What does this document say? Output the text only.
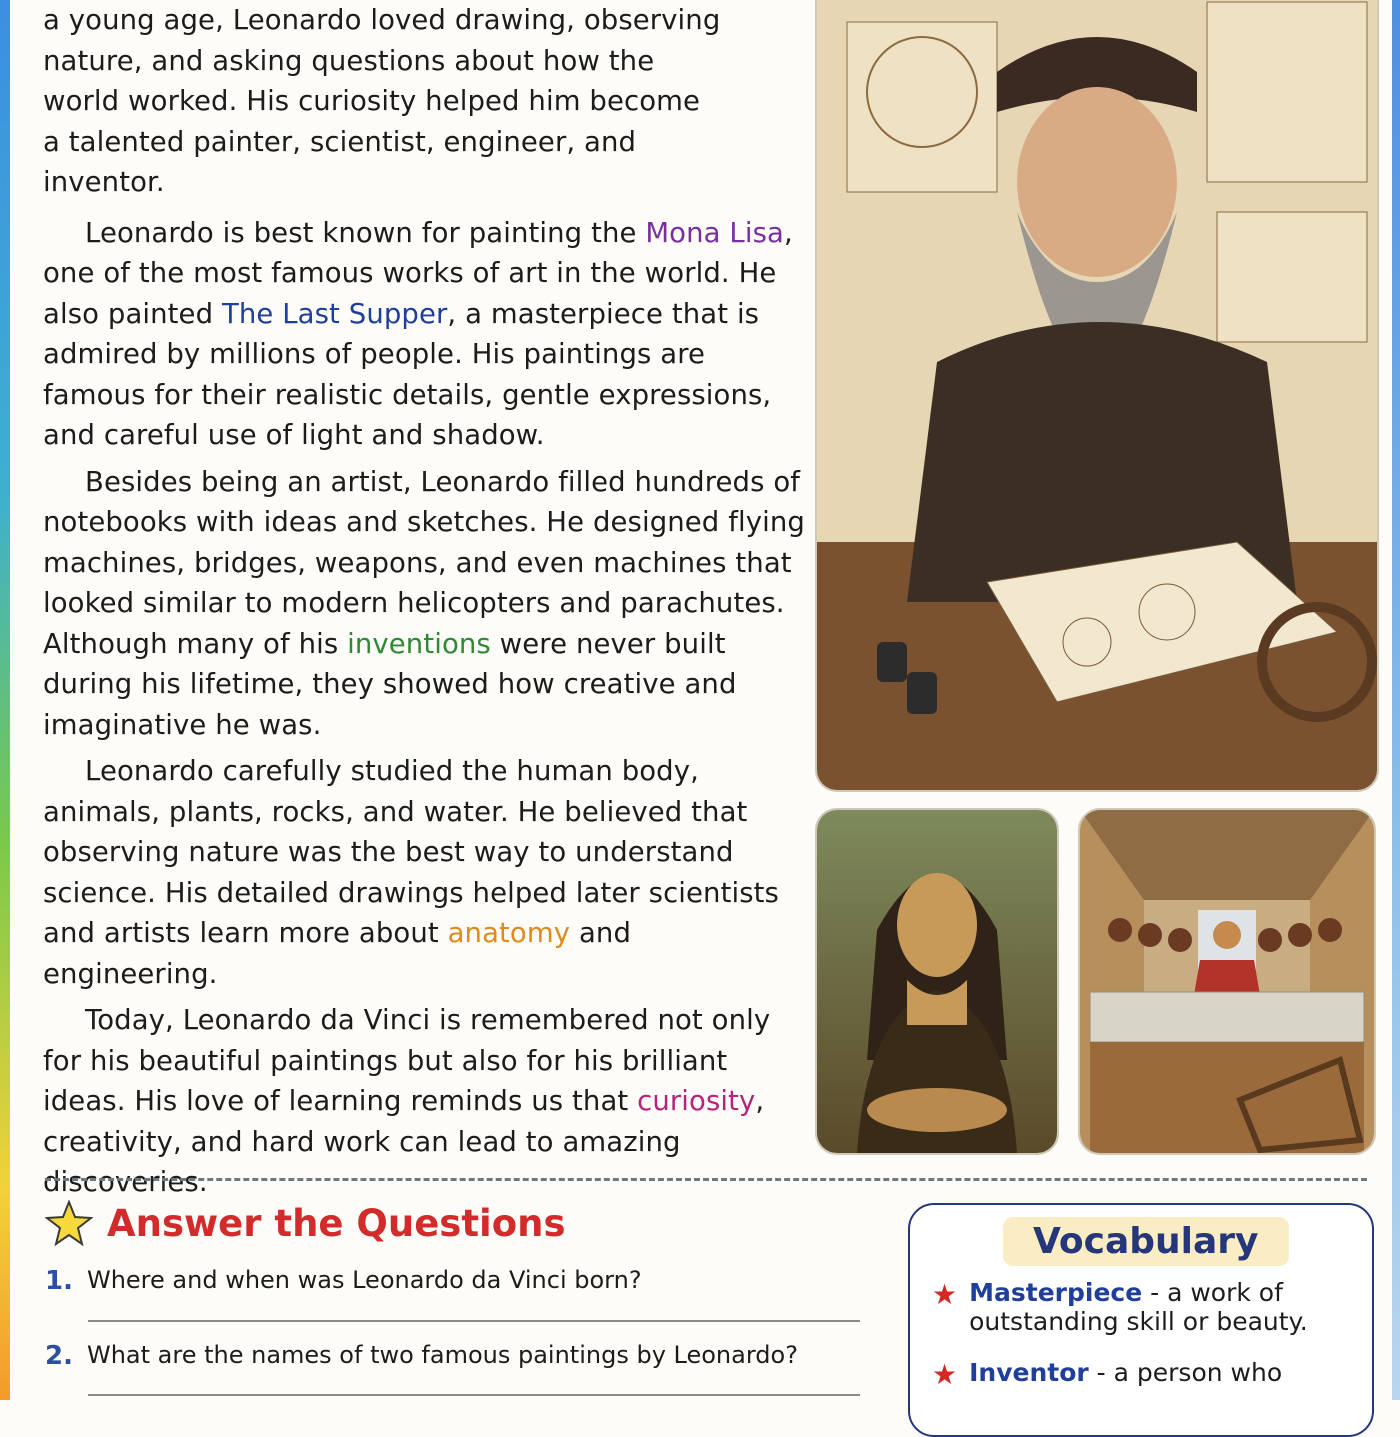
a young age, Leonardo loved drawing, observing
nature, and asking questions about how the
world worked. His curiosity helped him become
a talented painter, scientist, engineer, and
inventor.

Leonardo is best known for painting the Mona Lisa, one of the most famous works of art in the world. He also painted The Last Supper, a masterpiece that is admired by millions of people. His paintings are famous for their realistic details, gentle expressions, and careful use of light and shadow.

Besides being an artist, Leonardo filled hundreds of notebooks with ideas and sketches. He designed flying machines, bridges, weapons, and even machines that looked similar to modern helicopters and parachutes. Although many of his inventions were never built during his lifetime, they showed how creative and imaginative he was.

Leonardo carefully studied the human body, animals, plants, rocks, and water. He believed that observing nature was the best way to understand science. His detailed drawings helped later scientists and artists learn more about anatomy and engineering.

Today, Leonardo da Vinci is remembered not only for his beautiful paintings but also for his brilliant ideas. His love of learning reminds us that curiosity, creativity, and hard work can lead to amazing discoveries.

Answer the Questions
1. Where and when was Leonardo da Vinci born?
2. What are the names of two famous paintings by Leonardo?
Vocabulary
★ Masterpiece - a work of
outstanding skill or beauty.
★ Inventor - a person who
